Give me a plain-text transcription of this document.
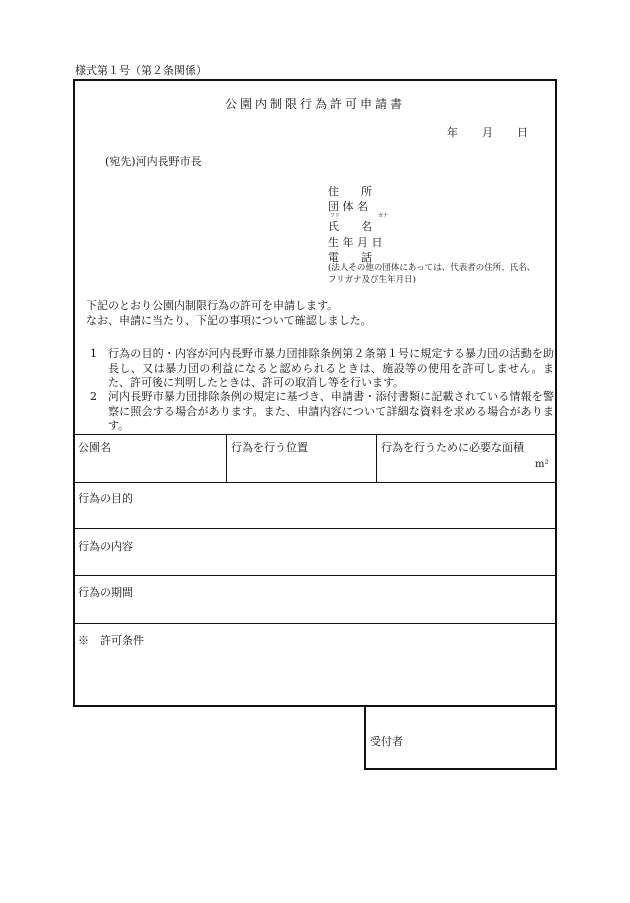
様式第１号（第２条関係）
公園内制限行為許可申請書
年 月 日
(宛先)河内長野市長
住　　所
団 体 名
フリ	ガナ
氏　　名
生 年 月 日
電　　話
(法人その他の団体にあっては、代表者の住所、氏名、
フリガナ及び生年月日)
下記のとおり公園内制限行為の許可を申請します。
なお、申請に当たり、下記の事項について確認しました。
1 行為の目的・内容が河内長野市暴力団排除条例第２条第１号に規定する暴力団の活動を助長し、又は暴力団の利益になると認められるときは、施設等の使用を許可しません。また、許可後に判明したときは、許可の取消し等を行います。
2 河内長野市暴力団排除条例の規定に基づき、申請書・添付書類に記載されている情報を警察に照会する場合があります。また、申請内容について詳細な資料を求める場合があります。
公園名	行為を行う位置	行為を行うために必要な面積
m²
行為の目的
行為の内容
行為の期間
※　許可条件
受付者
